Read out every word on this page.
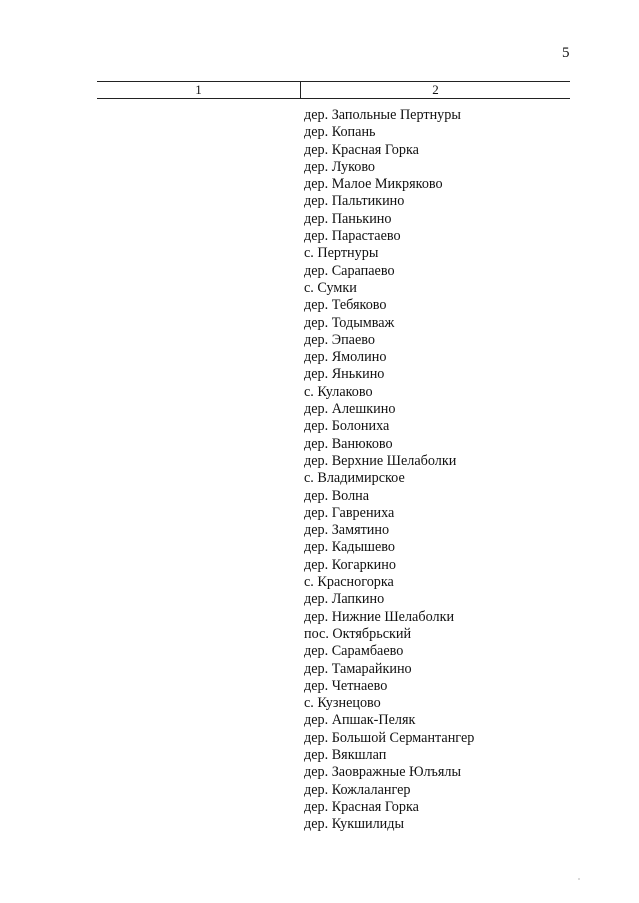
5
1	2
дер. Запольные Пертнуры
дер. Копань
дер. Красная Горка
дер. Луково
дер. Малое Микряково
дер. Пальтикино
дер. Панькино
дер. Парастаево
с. Пертнуры
дер. Сарапаево
с. Сумки
дер. Тебяково
дер. Тодымваж
дер. Эпаево
дер. Ямолино
дер. Янькино
с. Кулаково
дер. Алешкино
дер. Болониха
дер. Ванюково
дер. Верхние Шелаболки
с. Владимирское
дер. Волна
дер. Гаврениха
дер. Замятино
дер. Кадышево
дер. Когаркино
с. Красногорка
дер. Лапкино
дер. Нижние Шелаболки
пос. Октябрьский
дер. Сарамбаево
дер. Тамарайкино
дер. Четнаево
с. Кузнецово
дер. Апшак-Пеляк
дер. Большой Сермантангер
дер. Вякшлап
дер. Заовражные Юлъялы
дер. Кожлалангер
дер. Красная Горка
дер. Кукшилиды
